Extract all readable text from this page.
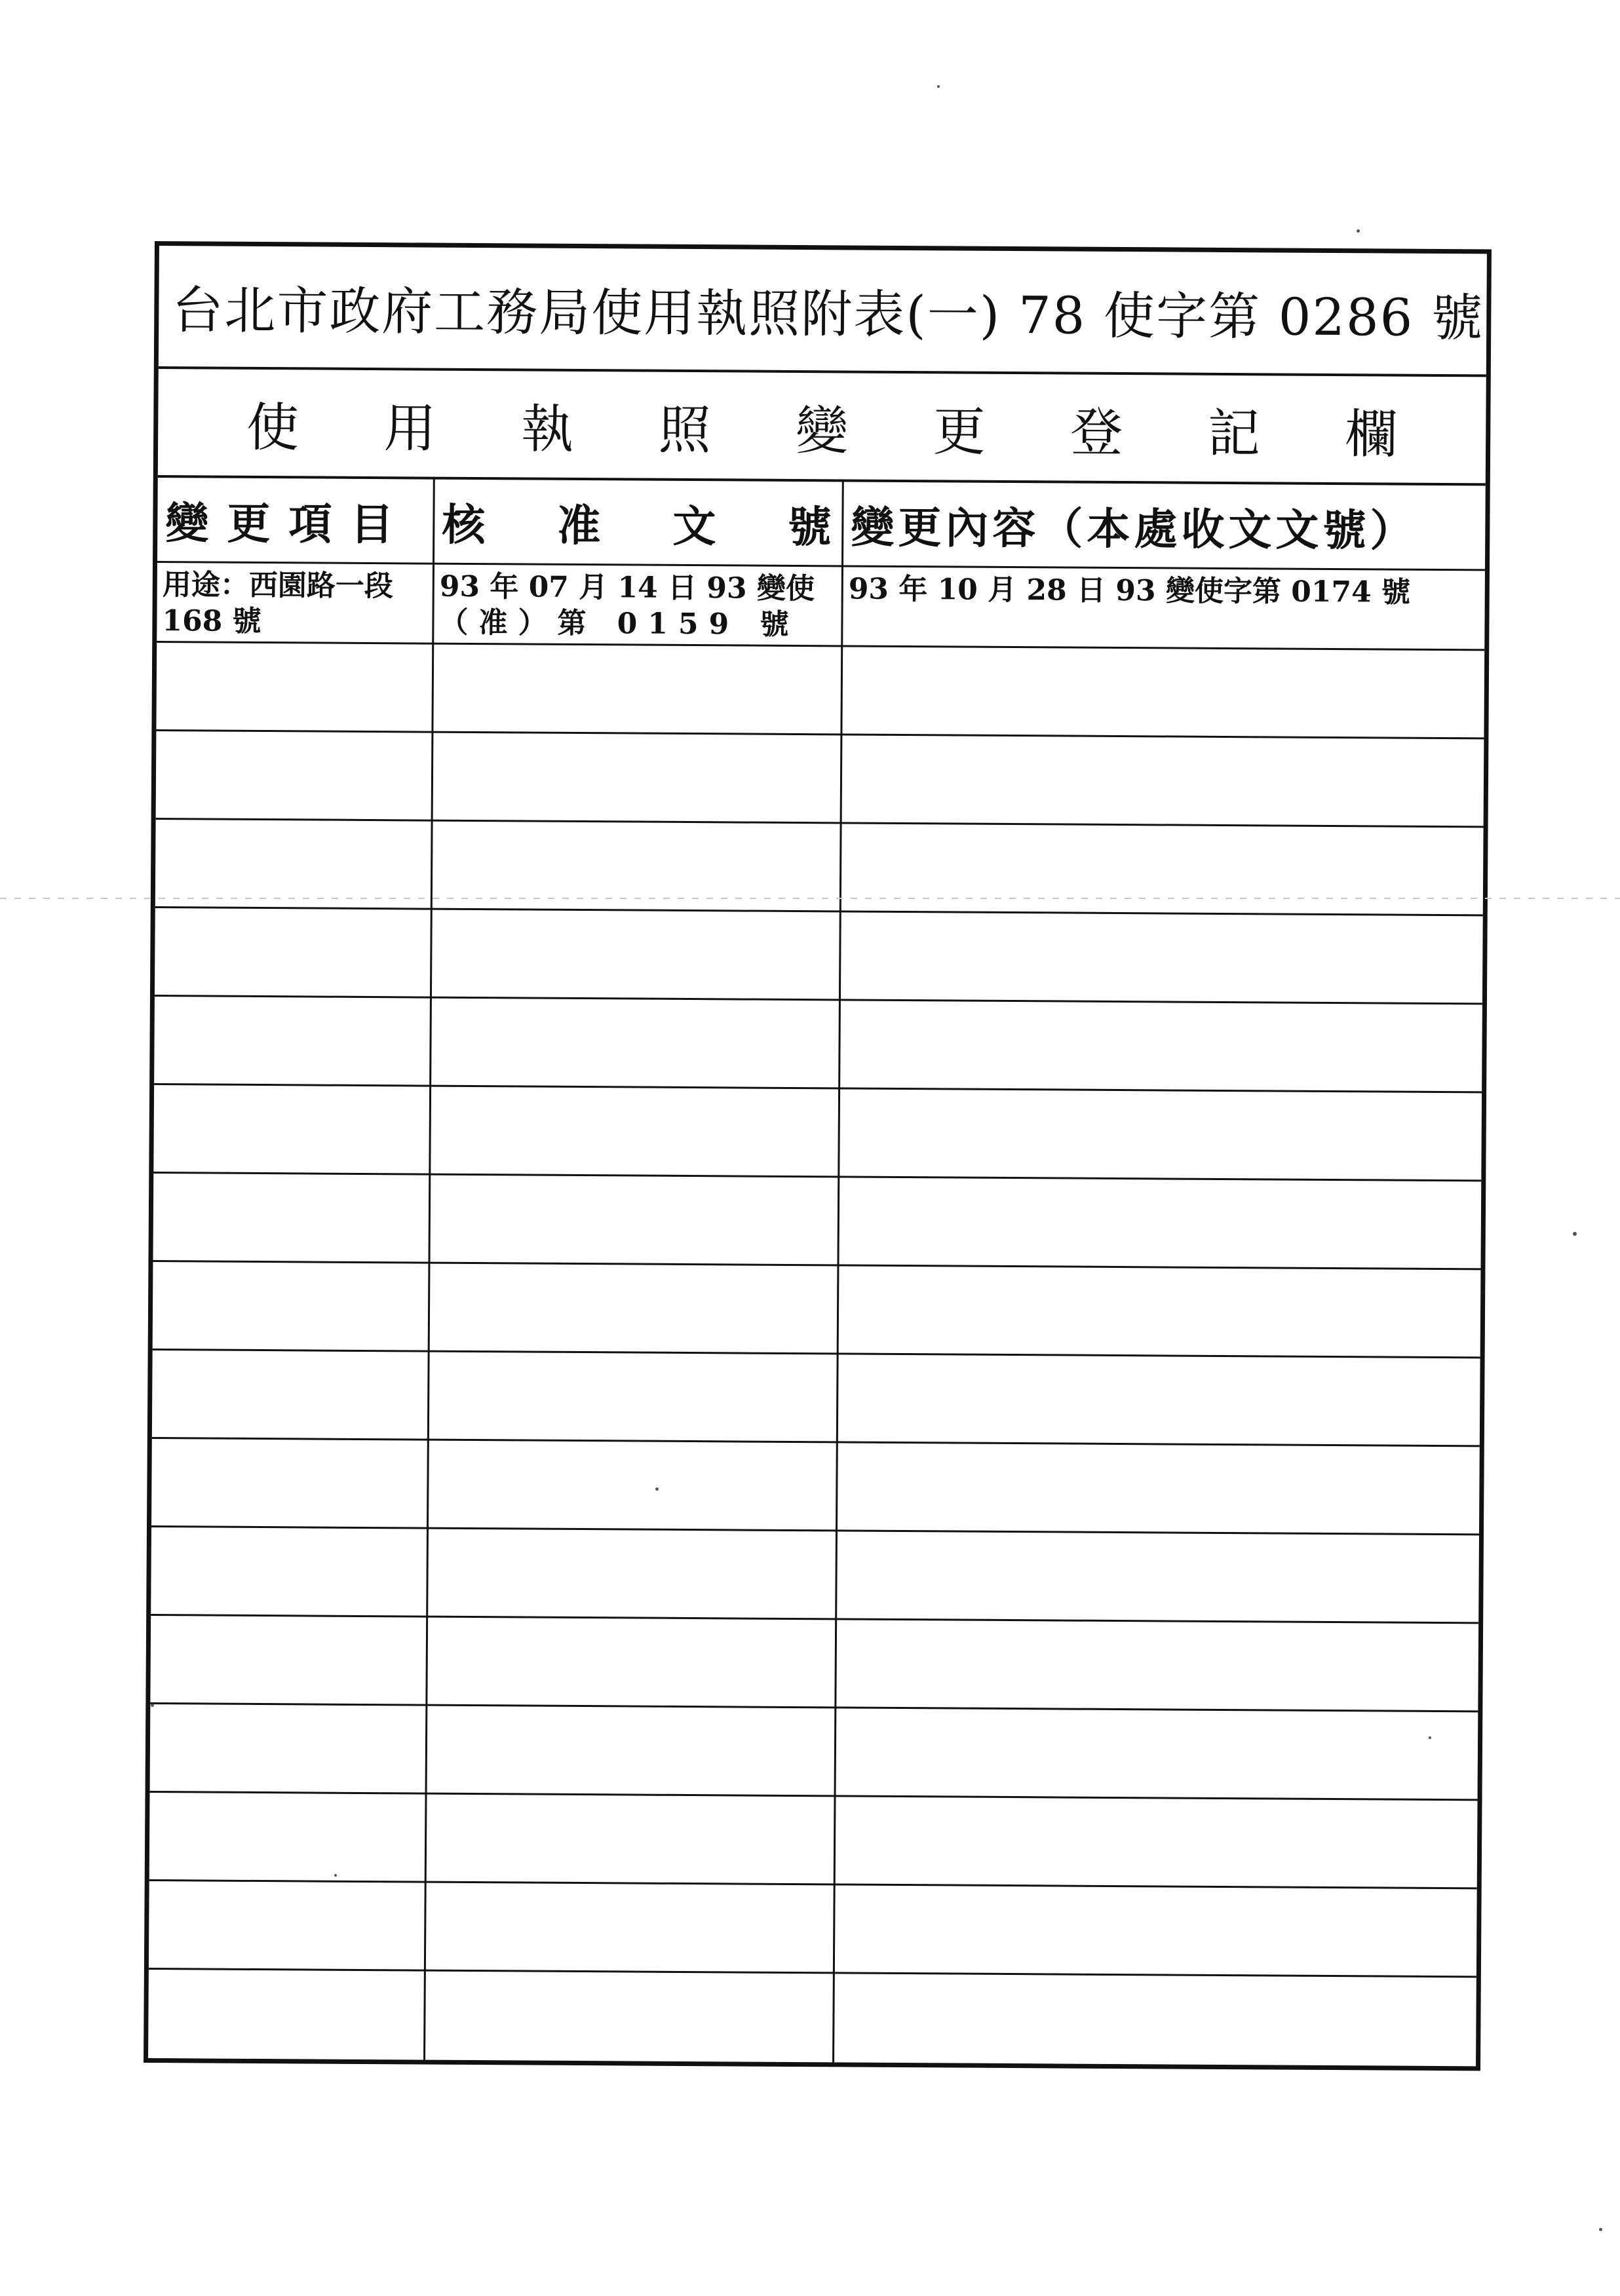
台北市政府工務局使用執照附表(一) 78 使字第 0286 號
使 用 執 照 變 更 登 記 欄
變更項目 核 准 文 號 變更內容（本處收文文號）
用途：西園路一段 168 號
93 年 07 月 14 日 93 變使
（准）第 0159 號
93 年 10 月 28 日 93 變使字第 0174 號
